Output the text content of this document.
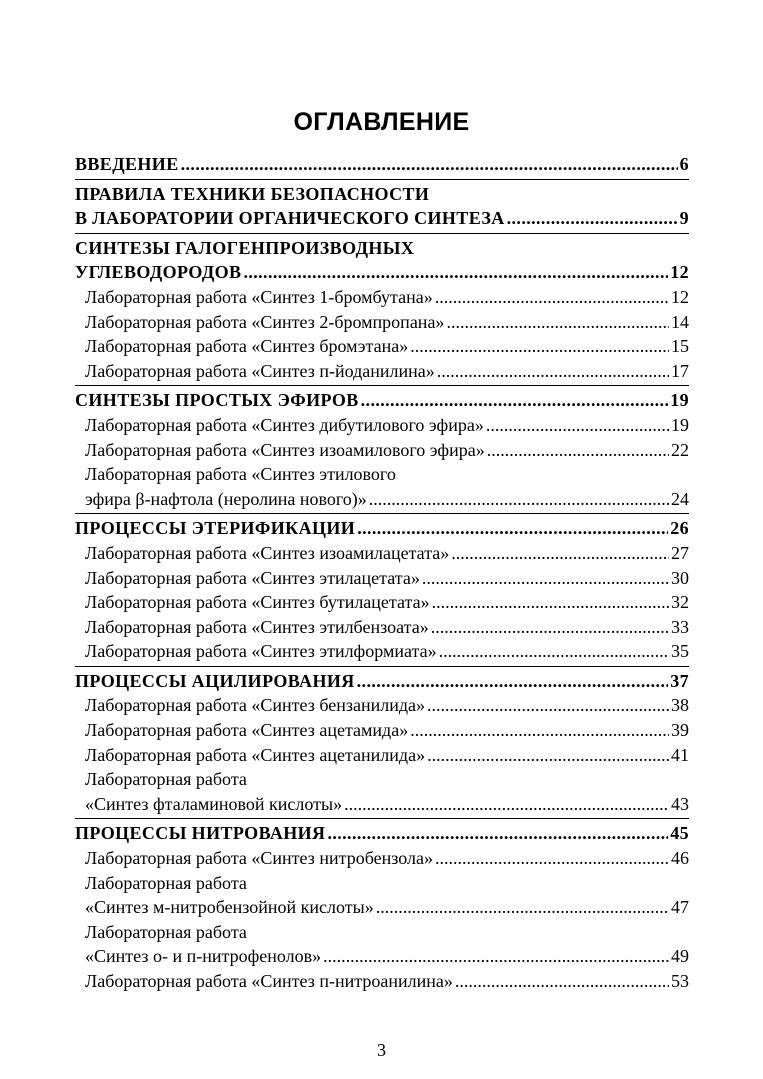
ОГЛАВЛЕНИЕ
ВВЕДЕНИЕ .....	6
ПРАВИЛА ТЕХНИКИ БЕЗОПАСНОСТИ
В ЛАБОРАТОРИИ ОРГАНИЧЕСКОГО СИНТЕЗА .....	9
СИНТЕЗЫ ГАЛОГЕНПРОИЗВОДНЫХ
УГЛЕВОДОРОДОВ .....	12
Лабораторная работа «Синтез 1-бромбутана» .....	12
Лабораторная работа «Синтез 2-бромпропана» .....	14
Лабораторная работа «Синтез бромэтана» .....	15
Лабораторная работа «Синтез п-йоданилина» .....	17
СИНТЕЗЫ ПРОСТЫХ ЭФИРОВ .....	19
Лабораторная работа «Синтез дибутилового эфира» .....	19
Лабораторная работа «Синтез изоамилового эфира» .....	22
Лабораторная работа «Синтез этилового
эфира β-нафтола (неролина нового)» .....	24
ПРОЦЕССЫ ЭТЕРИФИКАЦИИ .....	26
Лабораторная работа «Синтез изоамилацетата» .....	27
Лабораторная работа «Синтез этилацетата» .....	30
Лабораторная работа «Синтез бутилацетата» .....	32
Лабораторная работа «Синтез этилбензоата» .....	33
Лабораторная работа «Синтез этилформиата» .....	35
ПРОЦЕССЫ АЦИЛИРОВАНИЯ .....	37
Лабораторная работа «Синтез бензанилида» .....	38
Лабораторная работа «Синтез ацетамида» .....	39
Лабораторная работа «Синтез ацетанилида» .....	41
Лабораторная работа
«Синтез фталаминовой кислоты» .....	43
ПРОЦЕССЫ НИТРОВАНИЯ .....	45
Лабораторная работа «Синтез нитробензола» .....	46
Лабораторная работа
«Синтез м-нитробензойной кислоты» .....	47
Лабораторная работа
«Синтез о- и п-нитрофенолов» .....	49
Лабораторная работа «Синтез п-нитроанилина» .....	53
3
